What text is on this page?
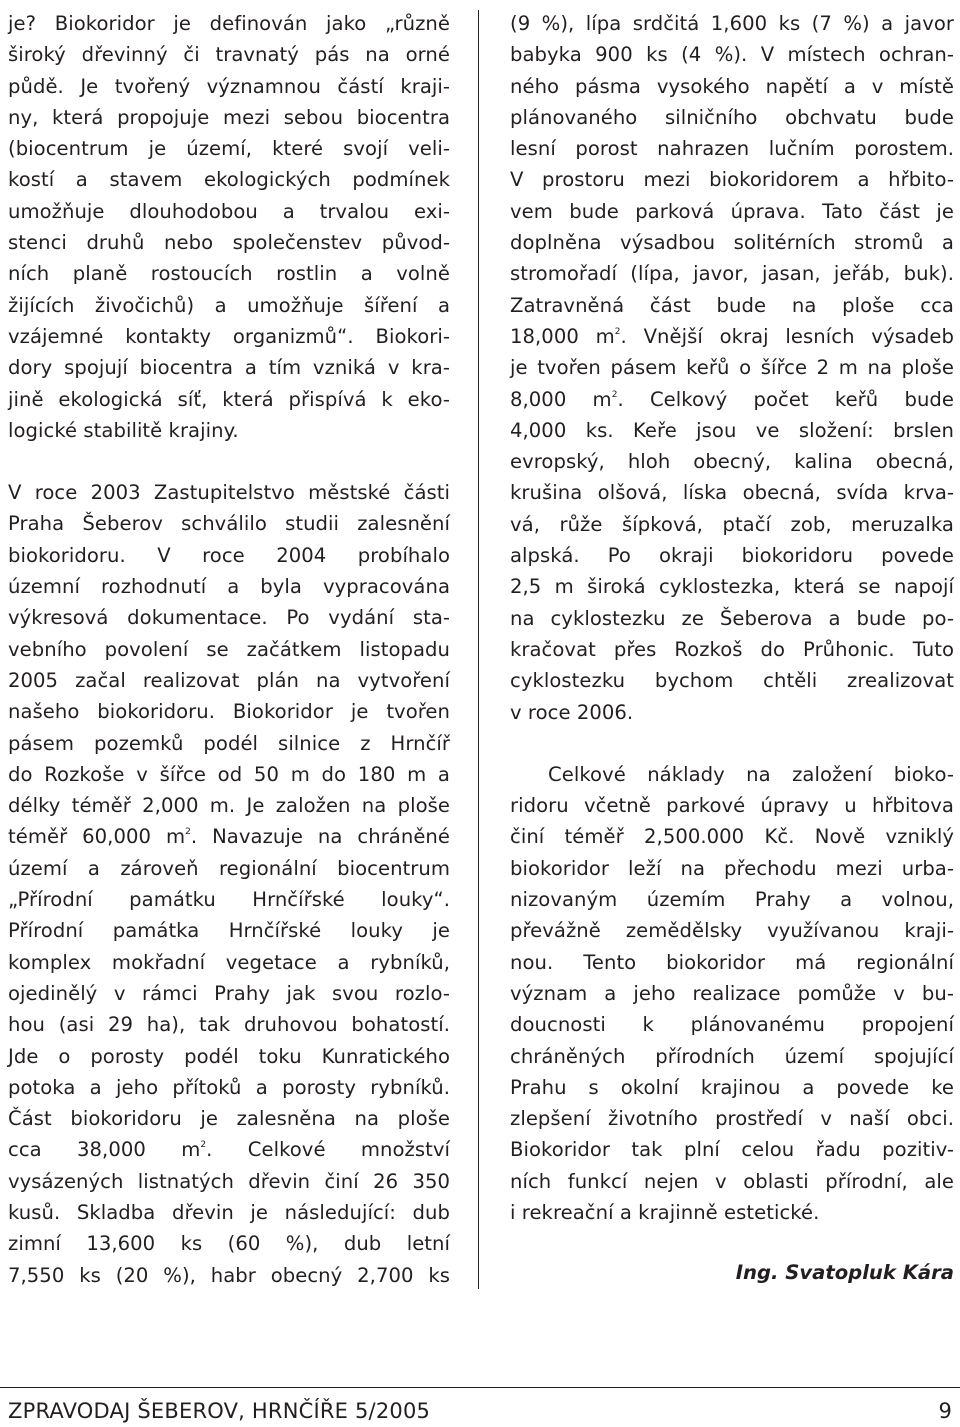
je? Biokoridor je definován jako „různě

široký dřevinný či travnatý pás na orné

půdě. Je tvořený významnou částí kraji-

ny, která propojuje mezi sebou biocentra

(biocentrum je území, které svojí veli-

kostí a stavem ekologických podmínek

umožňuje dlouhodobou a trvalou exi-

stenci druhů nebo společenstev původ-

ních planě rostoucích rostlin a volně

žijících živočichů) a umožňuje šíření a

vzájemné kontakty organizmů“. Biokori-

dory spojují biocentra a tím vzniká v kra-

jině ekologická síť, která přispívá k eko-

logické stabilitě krajiny.

V roce 2003 Zastupitelstvo městské části

Praha Šeberov schválilo studii zalesnění

biokoridoru. V roce 2004 probíhalo

územní rozhodnutí a byla vypracována

výkresová dokumentace. Po vydání sta-

vebního povolení se začátkem listopadu

2005 začal realizovat plán na vytvoření

našeho biokoridoru. Biokoridor je tvořen

pásem pozemků podél silnice z Hrnčíř

do Rozkoše v šířce od 50 m do 180 m a

délky téměř 2,000 m. Je založen na ploše

téměř 60,000 $m^2$. Navazuje na chráněné

území a zároveň regionální biocentrum

„Přírodní památku Hrnčířské louky“.

Přírodní památka Hrnčířské louky je

komplex mokřadní vegetace a rybníků,

ojedinělý v rámci Prahy jak svou rozlo-

hou (asi 29 ha), tak druhovou bohatostí.

Jde o porosty podél toku Kunratického

potoka a jeho přítoků a porosty rybníků.

Část biokoridoru je zalesněna na ploše

cca 38,000 $m^2$. Celkové množství

vysázených listnatých dřevin činí 26 350

kusů. Skladba dřevin je následující: dub

zimní 13,600 ks (60 %), dub letní

7,550 ks (20 %), habr obecný 2,700 ks

(9 %), lípa srdčitá 1,600 ks (7 %) a javor

babyka 900 ks (4 %). V místech ochran-

ného pásma vysokého napětí a v místě

plánovaného silničního obchvatu bude

lesní porost nahrazen lučním porostem.

V prostoru mezi biokoridorem a hřbito-

vem bude parková úprava. Tato část je

doplněna výsadbou solitérních stromů a

stromořadí (lípa, javor, jasan, jeřáb, buk).

Zatravněná část bude na ploše cca

18,000 $m^2$. Vnější okraj lesních výsadeb

je tvořen pásem keřů o šířce 2 m na ploše

8,000 $m^2$. Celkový počet keřů bude

4,000 ks. Keře jsou ve složení: brslen

evropský, hloh obecný, kalina obecná,

krušina olšová, líska obecná, svída krva-

vá, růže šípková, ptačí zob, meruzalka

alpská. Po okraji biokoridoru povede

2,5 m široká cyklostezka, která se napojí

na cyklostezku ze Šeberova a bude po-

kračovat přes Rozkoš do Průhonic. Tuto

cyklostezku bychom chtěli zrealizovat

v roce 2006.

Celkové náklady na založení bioko-

ridoru včetně parkové úpravy u hřbitova

činí téměř 2,500.000 Kč. Nově vzniklý

biokoridor leží na přechodu mezi urba-

nizovaným územím Prahy a volnou,

převážně zemědělsky využívanou kraji-

nou. Tento biokoridor má regionální

význam a jeho realizace pomůže v bu-

doucnosti k plánovanému propojení

chráněných přírodních území spojující

Prahu s okolní krajinou a povede ke

zlepšení životního prostředí v naší obci.

Biokoridor tak plní celou řadu pozitiv-

ních funkcí nejen v oblasti přírodní, ale

i rekreační a krajinně estetické.

Ing. Svatopluk Kára

ZPRAVODAJ ŠEBEROV, HRNČÍŘE 5/2005	9
